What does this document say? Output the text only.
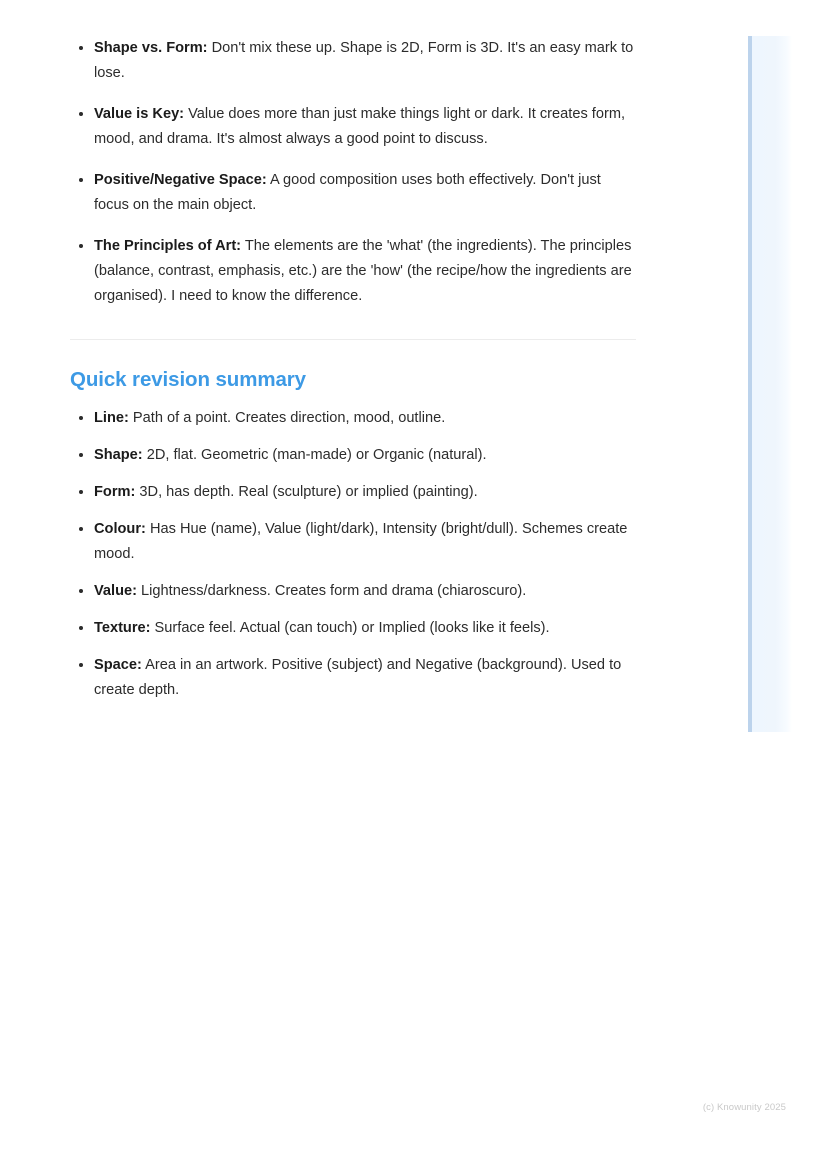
Shape vs. Form: Don't mix these up. Shape is 2D, Form is 3D. It's an easy mark to lose.
Value is Key: Value does more than just make things light or dark. It creates form, mood, and drama. It's almost always a good point to discuss.
Positive/Negative Space: A good composition uses both effectively. Don't just focus on the main object.
The Principles of Art: The elements are the 'what' (the ingredients). The principles (balance, contrast, emphasis, etc.) are the 'how' (the recipe/how the ingredients are organised). I need to know the difference.
Quick revision summary
Line: Path of a point. Creates direction, mood, outline.
Shape: 2D, flat. Geometric (man-made) or Organic (natural).
Form: 3D, has depth. Real (sculpture) or implied (painting).
Colour: Has Hue (name), Value (light/dark), Intensity (bright/dull). Schemes create mood.
Value: Lightness/darkness. Creates form and drama (chiaroscuro).
Texture: Surface feel. Actual (can touch) or Implied (looks like it feels).
Space: Area in an artwork. Positive (subject) and Negative (background). Used to create depth.
(c) Knowunity 2025
